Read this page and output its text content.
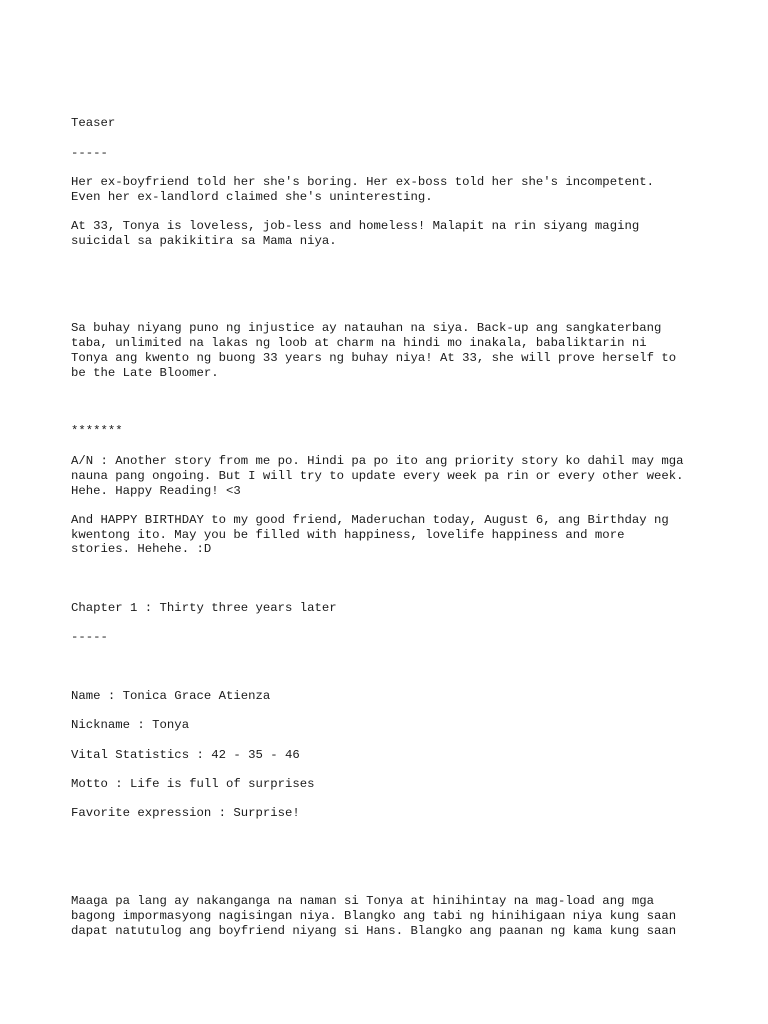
Teaser

-----

Her ex-boyfriend told her she's boring. Her ex-boss told her she's incompetent.

Even her ex-landlord claimed she's uninteresting.

At 33, Tonya is loveless, job-less and homeless! Malapit na rin siyang maging

suicidal sa pakikitira sa Mama niya.

Sa buhay niyang puno ng injustice ay natauhan na siya. Back-up ang sangkaterbang

taba, unlimited na lakas ng loob at charm na hindi mo inakala, babaliktarin ni

Tonya ang kwento ng buong 33 years ng buhay niya! At 33, she will prove herself to

be the Late Bloomer.

*******

A/N : Another story from me po. Hindi pa po ito ang priority story ko dahil may mga

nauna pang ongoing. But I will try to update every week pa rin or every other week.

Hehe. Happy Reading! <3

And HAPPY BIRTHDAY to my good friend, Maderuchan today, August 6, ang Birthday ng

kwentong ito. May you be filled with happiness, lovelife happiness and more

stories. Hehehe. :D

Chapter 1 : Thirty three years later

-----

Name : Tonica Grace Atienza

Nickname : Tonya

Vital Statistics : 42 - 35 - 46

Motto : Life is full of surprises

Favorite expression : Surprise!

Maaga pa lang ay nakanganga na naman si Tonya at hinihintay na mag-load ang mga

bagong impormasyong nagisingan niya. Blangko ang tabi ng hinihigaan niya kung saan

dapat natutulog ang boyfriend niyang si Hans. Blangko ang paanan ng kama kung saan
